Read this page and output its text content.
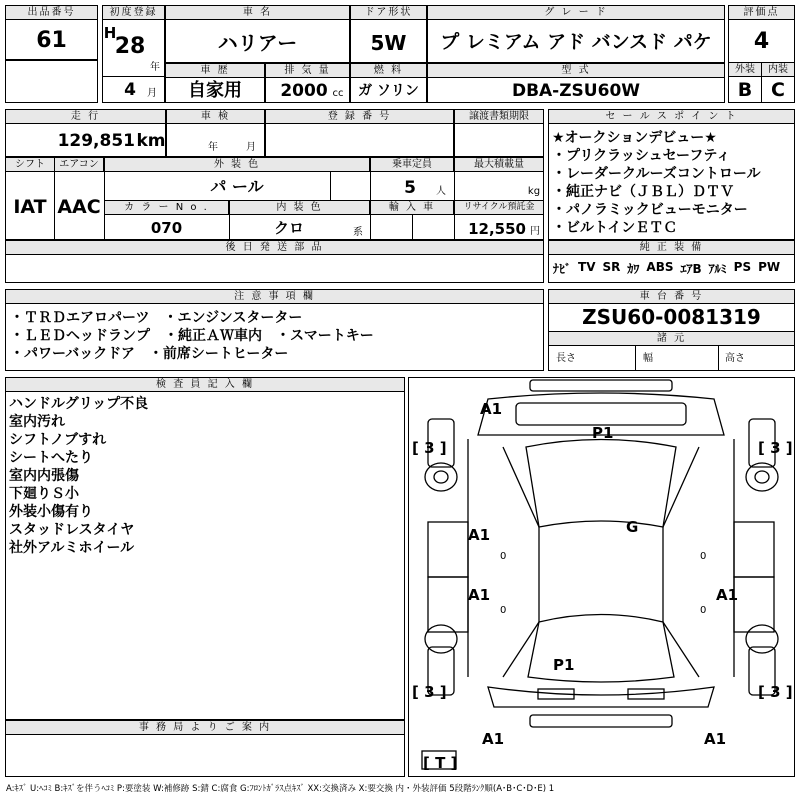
出品番号
61
初度登録
H
28
年
4	月
車 名
ハリアー
ドア形状
5W
グ レ ー ド
プ レミアム アド バンスド パケ
評価点
4
外装	内装
B C
車 歴
自家用
排 気 量
2000 cc
燃 料
ガ ソリン
型 式
DBA-ZSU60W
走 行
129,851 km
車 検
年	月
登 録 番 号	譲渡書類期限
シフト	エアコン
IAT AAC
外 装 色
パ ール
乗車定員
5	人
最大積載量
kg
カ ラ ー N o .
070
内 装 色
クロ	系
輸 入 車	リサイクル預託金
12,550 円
後 日 発 送 部 品
セ ー ル ス ポ イ ン ト
★オークションデビュー★
・プリクラッシュセーフティ
・レーダークルーズコントロール
・純正ナビ（ＪＢＬ）ＤＴＶ
・パノラミックビューモニター
・ビルトインＥＴＣ
純 正 装 備
ﾅﾋﾞ TV SR ｶﾜ ABS ｴｱB ｱﾙﾐ PS PW
注 意 事 項 欄
・ＴＲＤエアロパーツ　・エンジンスターター
・ＬＥＤヘッドランプ　・純正ＡＷ車内　・スマートキー
・パワーバックドア　・前席シートヒーター
車 台 番 号
ZSU60-0081319
諸 元
長さ	幅	高さ
検 査 員 記 入 欄
ハンドルグリップ不良
室内汚れ
シフトノブすれ
シートへたり
室内内張傷
下廻りＳ小
外装小傷有り
スタッドレスタイヤ
社外アルミホイール
事 務 局 よ り ご 案 内
A1
P1
G
A1
A1	A1
P1
A1	A1
[ 3 ]	[ 3 ]
[ 3 ]	[ 3 ]
[ T ]
0
0
0
0
A:ｷｽﾞ U:ﾍｺﾐ B:ｷｽﾞを伴うﾍｺﾐ P:要塗装 W:補修跡 S:錆 C:腐食 G:ﾌﾛﾝﾄｶﾞﾗｽ点ｷｽﾞ XX:交換済み X:要交換 内・外装評価 5段階ﾗﾝｸ順(A･B･C･D･E) 1
